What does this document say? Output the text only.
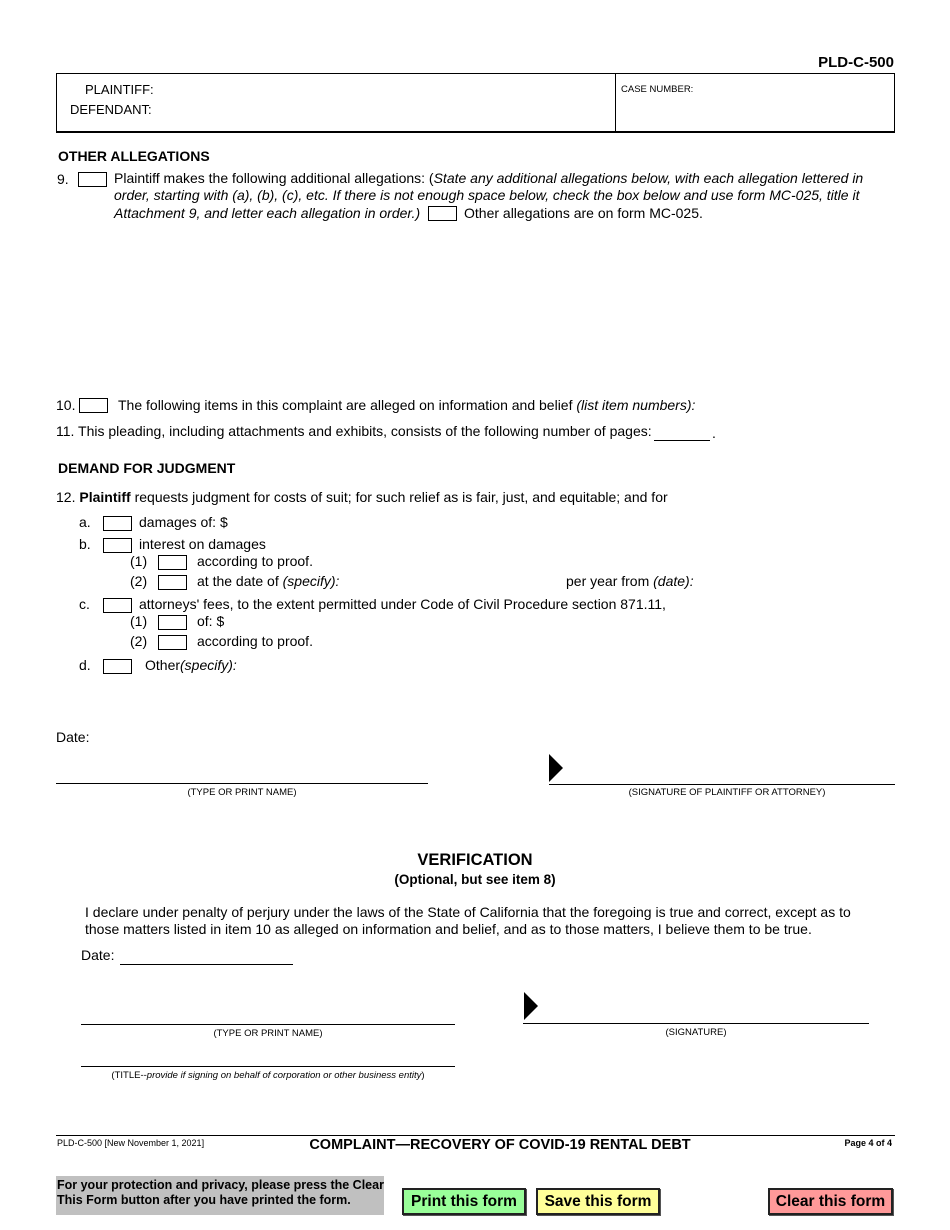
PLD-C-500
PLAINTIFF:
DEFENDANT:
CASE NUMBER:
OTHER ALLEGATIONS
9.	Plaintiff makes the following additional allegations: (State any additional allegations below, with each allegation lettered in
order, starting with (a), (b), (c), etc. If there is not enough space below, check the box below and use form MC-025, title it
Attachment 9, and letter each allegation in order.)	Other allegations are on form MC-025.
10.	The following items in this complaint are alleged on information and belief (list item numbers):
11. This pleading, including attachments and exhibits, consists of the following number of pages:	.
DEMAND FOR JUDGMENT
12. Plaintiff requests judgment for costs of suit; for such relief as is fair, just, and equitable; and for
a.	damages of: $
b.	interest on damages
(1)	according to proof.
(2)	at the date of (specify):	per year from (date):
c.	attorneys' fees, to the extent permitted under Code of Civil Procedure section 871.11,
(1)	of: $
(2)	according to proof.
d.	Other(specify):
Date:
(TYPE OR PRINT NAME)	(SIGNATURE OF PLAINTIFF OR ATTORNEY)
VERIFICATION
(Optional, but see item 8)
I declare under penalty of perjury under the laws of the State of California that the foregoing is true and correct, except as to
those matters listed in item 10 as alleged on information and belief, and as to those matters, I believe them to be true.
Date:
(TYPE OR PRINT NAME)	(SIGNATURE)
(TITLE--provide if signing on behalf of corporation or other business entity)
PLD-C-500 [New November 1, 2021]	COMPLAINT—RECOVERY OF COVID-19 RENTAL DEBT	Page 4 of 4
For your protection and privacy, please press the Clear
This Form button after you have printed the form.	Print this form	Save this form	Clear this form
